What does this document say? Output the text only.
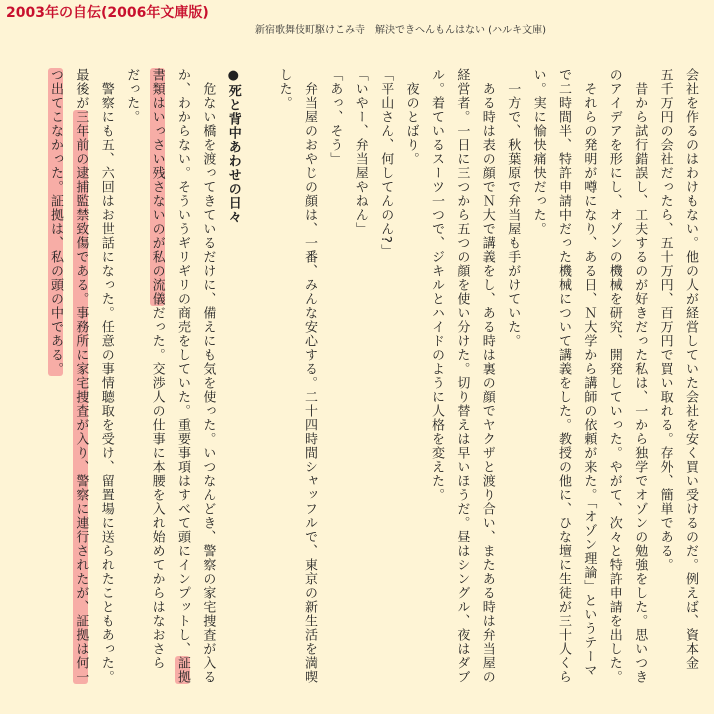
2003年の自伝(2006年文庫版)
新宿歌舞伎町駆けこみ寺　解決できへんもんはない (ハルキ文庫)
会社を作るのはわけもない。他の人が経営していた会社を安く買い受けるのだ。例えば、資本金
五千万円の会社だったら、五十万円、百万円で買い取れる。存外、簡単である。
　昔から試行錯誤し、工夫するのが好きだった私は、一から独学でオゾンの勉強をした。思いつき
のアイデアを形にし、オゾンの機械を研究、開発していった。やがて、次々と特許申請を出した。
　それらの発明が噂になり、ある日、Ｎ大学から講師の依頼が来た。「オゾン理論」というテーマ
で二時間半、特許申請中だった機械について講義をした。教授の他に、ひな壇に生徒が三十人くら
い。実に愉快痛快だった。
　一方で、秋葉原で弁当屋も手がけていた。
　ある時は表の顔でＮ大で講義をし、ある時は裏の顔でヤクザと渡り合い、またある時は弁当屋の
経営者。一日に三つから五つの顔を使い分けた。切り替えは早いほうだ。昼はシングル、夜はダブ
ル。着ているスーツ一つで、ジキルとハイドのように人格を変えた。
　夜のとばり。
「平山さん、何してんのん?」
「いやー、弁当屋やねん」
「あっ、そう」
　弁当屋のおやじの顔は、一番、みんな安心する。二十四時間シャッフルで、東京の新生活を満喫
した。
●死と背中あわせの日々
　危ない橋を渡ってきているだけに、備えにも気を使った。いつなんどき、警察の家宅捜査が入る
か、わからない。そういうギリギリの商売をしていた。重要事項はすべて頭にインプットし、証拠
書類はいっさい残さないのが私の流儀だった。交渉人の仕事に本腰を入れ始めてからはなおさら
だった。
　警察にも五、六回はお世話になった。任意の事情聴取を受け、留置場に送られたこともあった。
最後が三年前の逮捕監禁致傷である。事務所に家宅捜査が入り、警察に連行されたが、証拠は何一
つ出てこなかった。証拠は、私の頭の中である。
